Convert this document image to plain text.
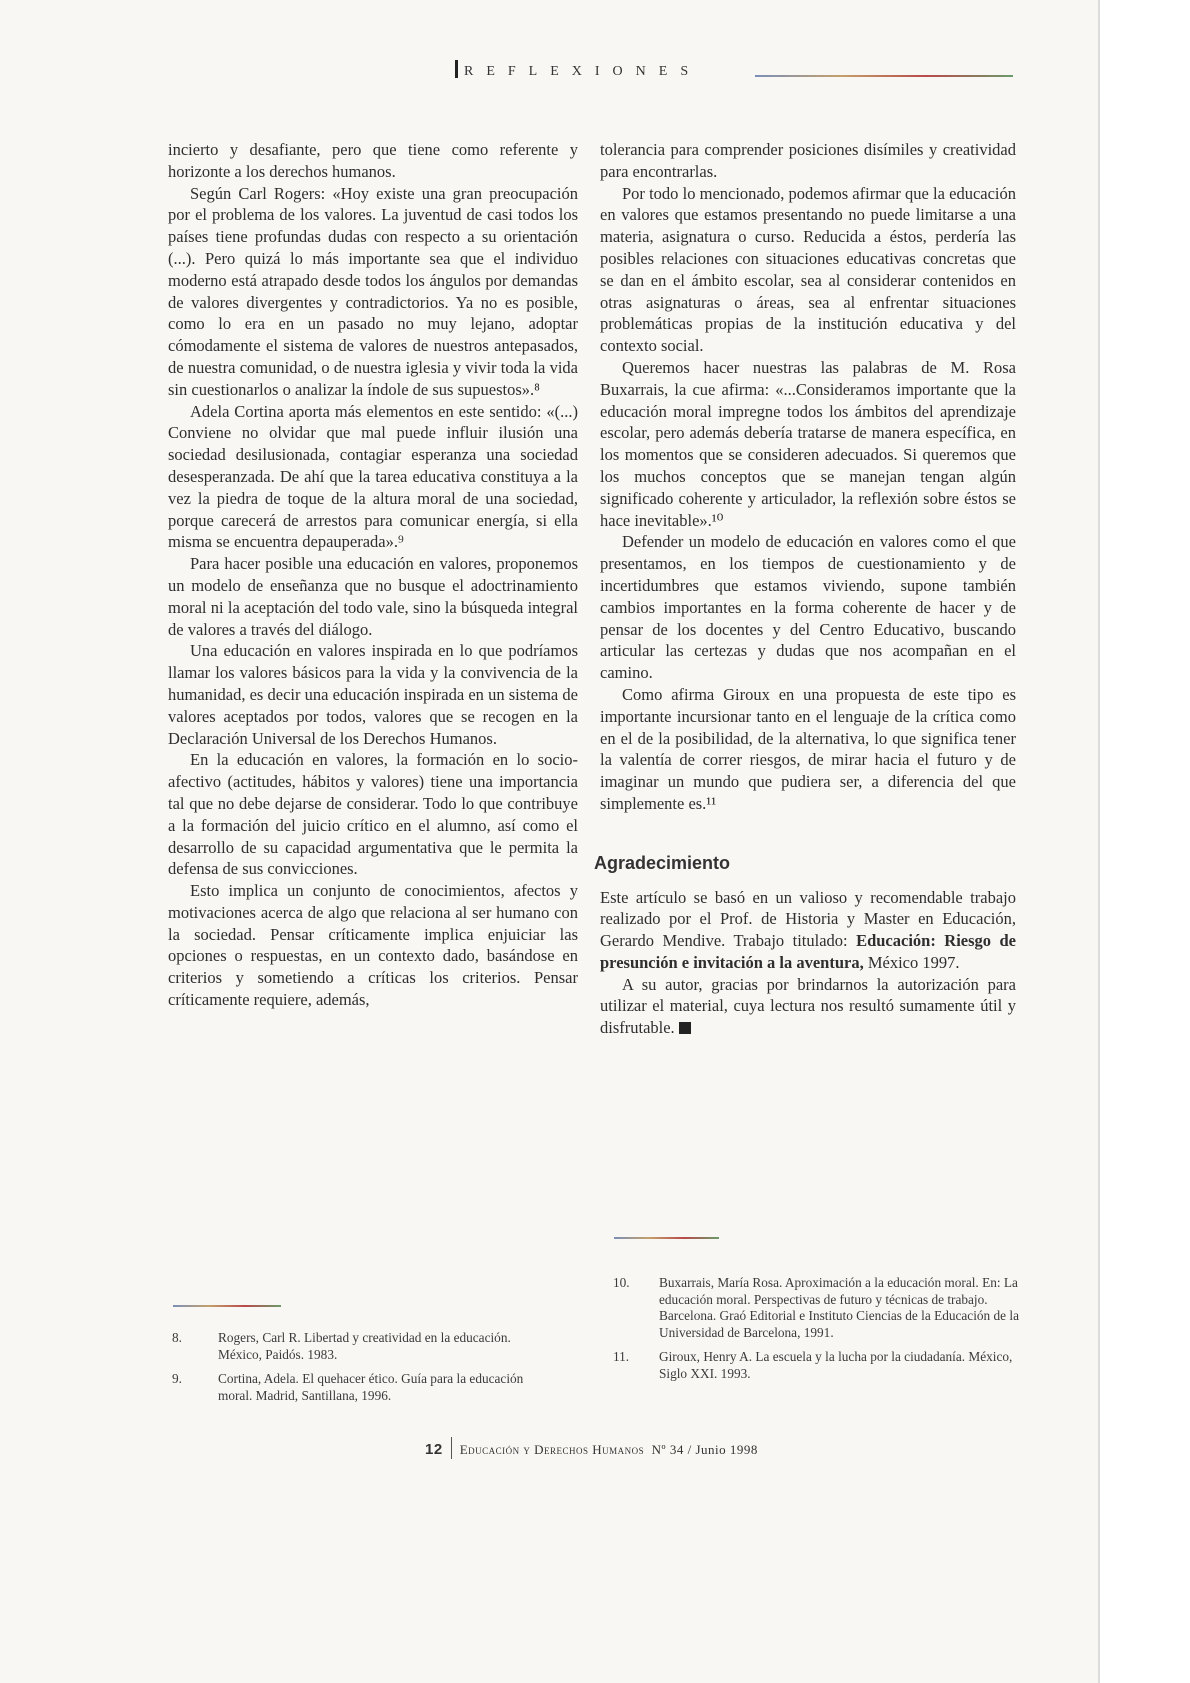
REFLEXIONES

incierto y desafiante, pero que tiene como referente y horizonte a los derechos humanos.

Según Carl Rogers: «Hoy existe una gran preocupación por el problema de los valores. La juventud de casi todos los países tiene profundas dudas con respecto a su orientación (...). Pero quizá lo más importante sea que el individuo moderno está atrapado desde todos los ángulos por demandas de valores divergentes y contradictorios. Ya no es posible, como lo era en un pasado no muy lejano, adoptar cómodamente el sistema de valores de nuestros antepasados, de nuestra comunidad, o de nuestra iglesia y vivir toda la vida sin cuestionarlos o analizar la índole de sus supuestos».⁸

Adela Cortina aporta más elementos en este sentido: «(...) Conviene no olvidar que mal puede influir ilusión una sociedad desilusionada, contagiar esperanza una sociedad desesperanzada. De ahí que la tarea educativa constituya a la vez la piedra de toque de la altura moral de una sociedad, porque carecerá de arrestos para comunicar energía, si ella misma se encuentra depauperada».⁹

Para hacer posible una educación en valores, proponemos un modelo de enseñanza que no busque el adoctrinamiento moral ni la aceptación del todo vale, sino la búsqueda integral de valores a través del diálogo.

Una educación en valores inspirada en lo que podríamos llamar los valores básicos para la vida y la convivencia de la humanidad, es decir una educación inspirada en un sistema de valores aceptados por todos, valores que se recogen en la Declaración Universal de los Derechos Humanos.

En la educación en valores, la formación en lo socio-afectivo (actitudes, hábitos y valores) tiene una importancia tal que no debe dejarse de considerar. Todo lo que contribuye a la formación del juicio crítico en el alumno, así como el desarrollo de su capacidad argumentativa que le permita la defensa de sus convicciones.

Esto implica un conjunto de conocimientos, afectos y motivaciones acerca de algo que relaciona al ser humano con la sociedad. Pensar críticamente implica enjuiciar las opciones o respuestas, en un contexto dado, basándose en criterios y sometiendo a críticas los criterios. Pensar críticamente requiere, además,

tolerancia para comprender posiciones disímiles y creatividad para encontrarlas.

Por todo lo mencionado, podemos afirmar que la educación en valores que estamos presentando no puede limitarse a una materia, asignatura o curso. Reducida a éstos, perdería las posibles relaciones con situaciones educativas concretas que se dan en el ámbito escolar, sea al considerar contenidos en otras asignaturas o áreas, sea al enfrentar situaciones problemáticas propias de la institución educativa y del contexto social.

Queremos hacer nuestras las palabras de M. Rosa Buxarrais, la cue afirma: «...Consideramos importante que la educación moral impregne todos los ámbitos del aprendizaje escolar, pero además debería tratarse de manera específica, en los momentos que se consideren adecuados. Si queremos que los muchos conceptos que se manejan tengan algún significado coherente y articulador, la reflexión sobre éstos se hace inevitable».¹⁰

Defender un modelo de educación en valores como el que presentamos, en los tiempos de cuestionamiento y de incertidumbres que estamos viviendo, supone también cambios importantes en la forma coherente de hacer y de pensar de los docentes y del Centro Educativo, buscando articular las certezas y dudas que nos acompañan en el camino.

Como afirma Giroux en una propuesta de este tipo es importante incursionar tanto en el lenguaje de la crítica como en el de la posibilidad, de la alternativa, lo que significa tener la valentía de correr riesgos, de mirar hacia el futuro y de imaginar un mundo que pudiera ser, a diferencia del que simplemente es.¹¹

Agradecimiento

Este artículo se basó en un valioso y recomendable trabajo realizado por el Prof. de Historia y Master en Educación, Gerardo Mendive. Trabajo titulado: Educación: Riesgo de presunción e invitación a la aventura, México 1997.

A su autor, gracias por brindarnos la autorización para utilizar el material, cuya lectura nos resultó sumamente útil y disfrutable.

8.	Rogers, Carl R. Libertad y creatividad en la educación. México, Paidós. 1983.
9.	Cortina, Adela. El quehacer ético. Guía para la educación moral. Madrid, Santillana, 1996.
10.	Buxarrais, María Rosa. Aproximación a la educación moral. En: La educación moral. Perspectivas de futuro y técnicas de trabajo. Barcelona. Graó Editorial e Instituto Ciencias de la Educación de la Universidad de Barcelona, 1991.
11.	Giroux, Henry A. La escuela y la lucha por la ciudadanía. México, Siglo XXI. 1993.
12 Educación y Derechos Humanos Nº 34 / Junio 1998
